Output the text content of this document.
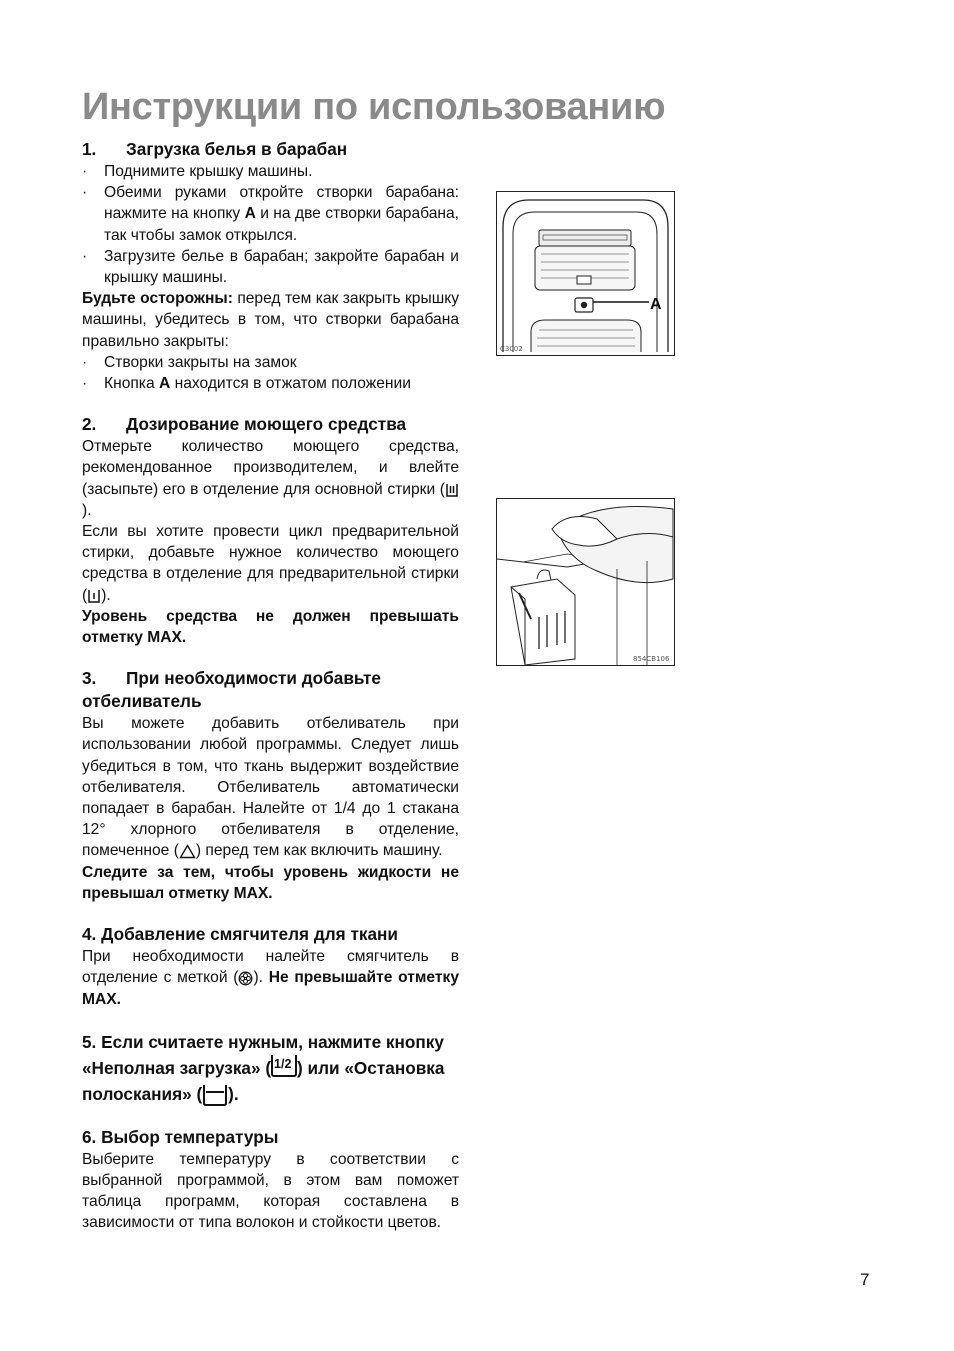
Инструкции по использованию

1. Загрузка белья в барабан

· Поднимите крышку машины.

· Обеими руками откройте створки барабана: нажмите на кнопку A и на две створки барабана, так чтобы замок открылся.

· Загрузите белье в барабан; закройте барабан и крышку машины.

Будьте осторожны: перед тем как закрыть крышку машины, убедитесь в том, что створки барабана правильно закрыты:

· Створки закрыты на замок

· Кнопка A находится в отжатом положении

2. Дозирование моющего средства

Отмерьте количество моющего средства, рекомендованное производителем, и влейте (засыпьте) его в отделение для основной стирки ().

Если вы хотите провести цикл предварительной стирки, добавьте нужное количество моющего средства в отделение для предварительной стирки ( ).

Уровень средства не должен превышать отметку MAX.

3. При необходимости добавьте отбеливатель

Вы можете добавить отбеливатель при использовании любой программы. Следует лишь убедиться в том, что ткань выдержит воздействие отбеливателя. Отбеливатель автоматически попадает в барабан. Налейте от 1/4 до 1 стакана 12° хлорного отбеливателя в отделение, помеченное ( ) перед тем как включить машину.

Следите за тем, чтобы уровень жидкости не превышал отметку MAX.

4. Добавление смягчителя для ткани

При необходимости налейте смягчитель в отделение с меткой ( ). Не превышайте отметку MAX.

5. Если считаете нужным, нажмите кнопку «Неполная загрузка» ( 1/2 ) или «Остановка полоскания» ( ).

6. Выбор температуры

Выберите температуру в соответствии с выбранной программой, в этом вам поможет таблица программ, которая составлена в зависимости от типа волокон и стойкости цветов.

A
C3002
854CB106
7
